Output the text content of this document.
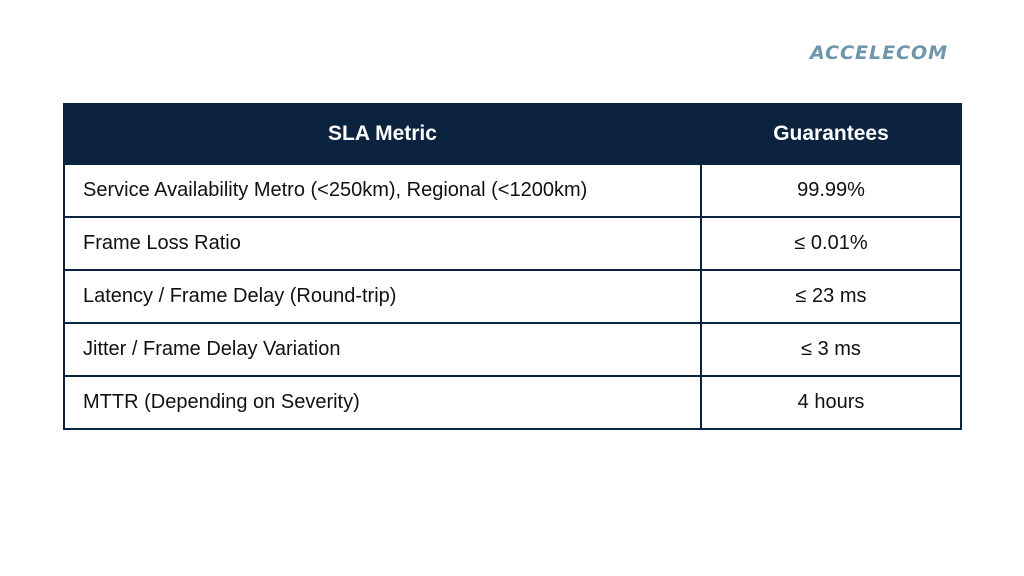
ACCELECOM
SLA Metric	Guarantees
Service Availability Metro (<250km), Regional (<1200km)	99.99%
Frame Loss Ratio	≤ 0.01%
Latency / Frame Delay (Round-trip)	≤ 23 ms
Jitter / Frame Delay Variation	≤ 3 ms
MTTR (Depending on Severity)	4 hours
